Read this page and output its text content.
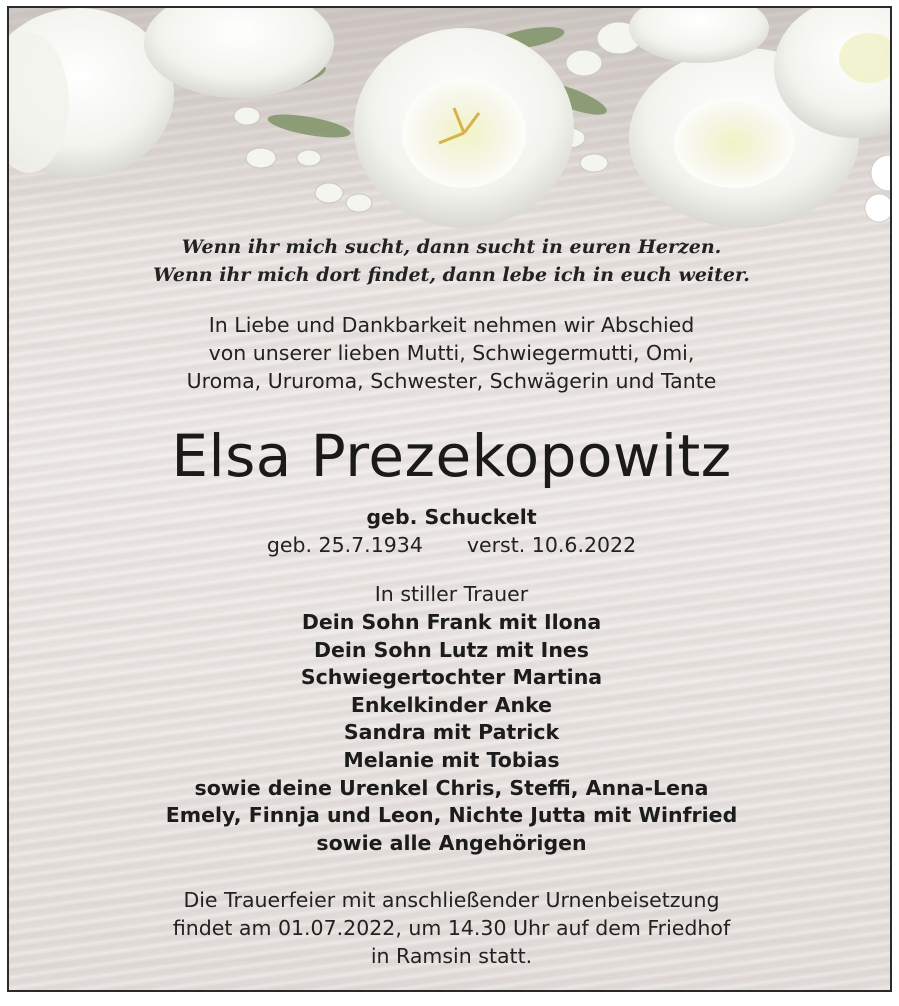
Wenn ihr mich sucht, dann sucht in euren Herzen.
Wenn ihr mich dort findet, dann lebe ich in euch weiter.
In Liebe und Dankbarkeit nehmen wir Abschied
von unserer lieben Mutti, Schwiegermutti, Omi,
Uroma, Ururoma, Schwester, Schwägerin und Tante
Elsa Prezekopowitz
geb. Schuckelt
geb. 25.7.1934 verst. 10.6.2022
In stiller Trauer
Dein Sohn Frank mit Ilona
Dein Sohn Lutz mit Ines
Schwiegertochter Martina
Enkelkinder Anke
Sandra mit Patrick
Melanie mit Tobias
sowie deine Urenkel Chris, Steffi, Anna-Lena
Emely, Finnja und Leon, Nichte Jutta mit Winfried
sowie alle Angehörigen
Die Trauerfeier mit anschließender Urnenbeisetzung
findet am 01.07.2022, um 14.30 Uhr auf dem Friedhof
in Ramsin statt.
